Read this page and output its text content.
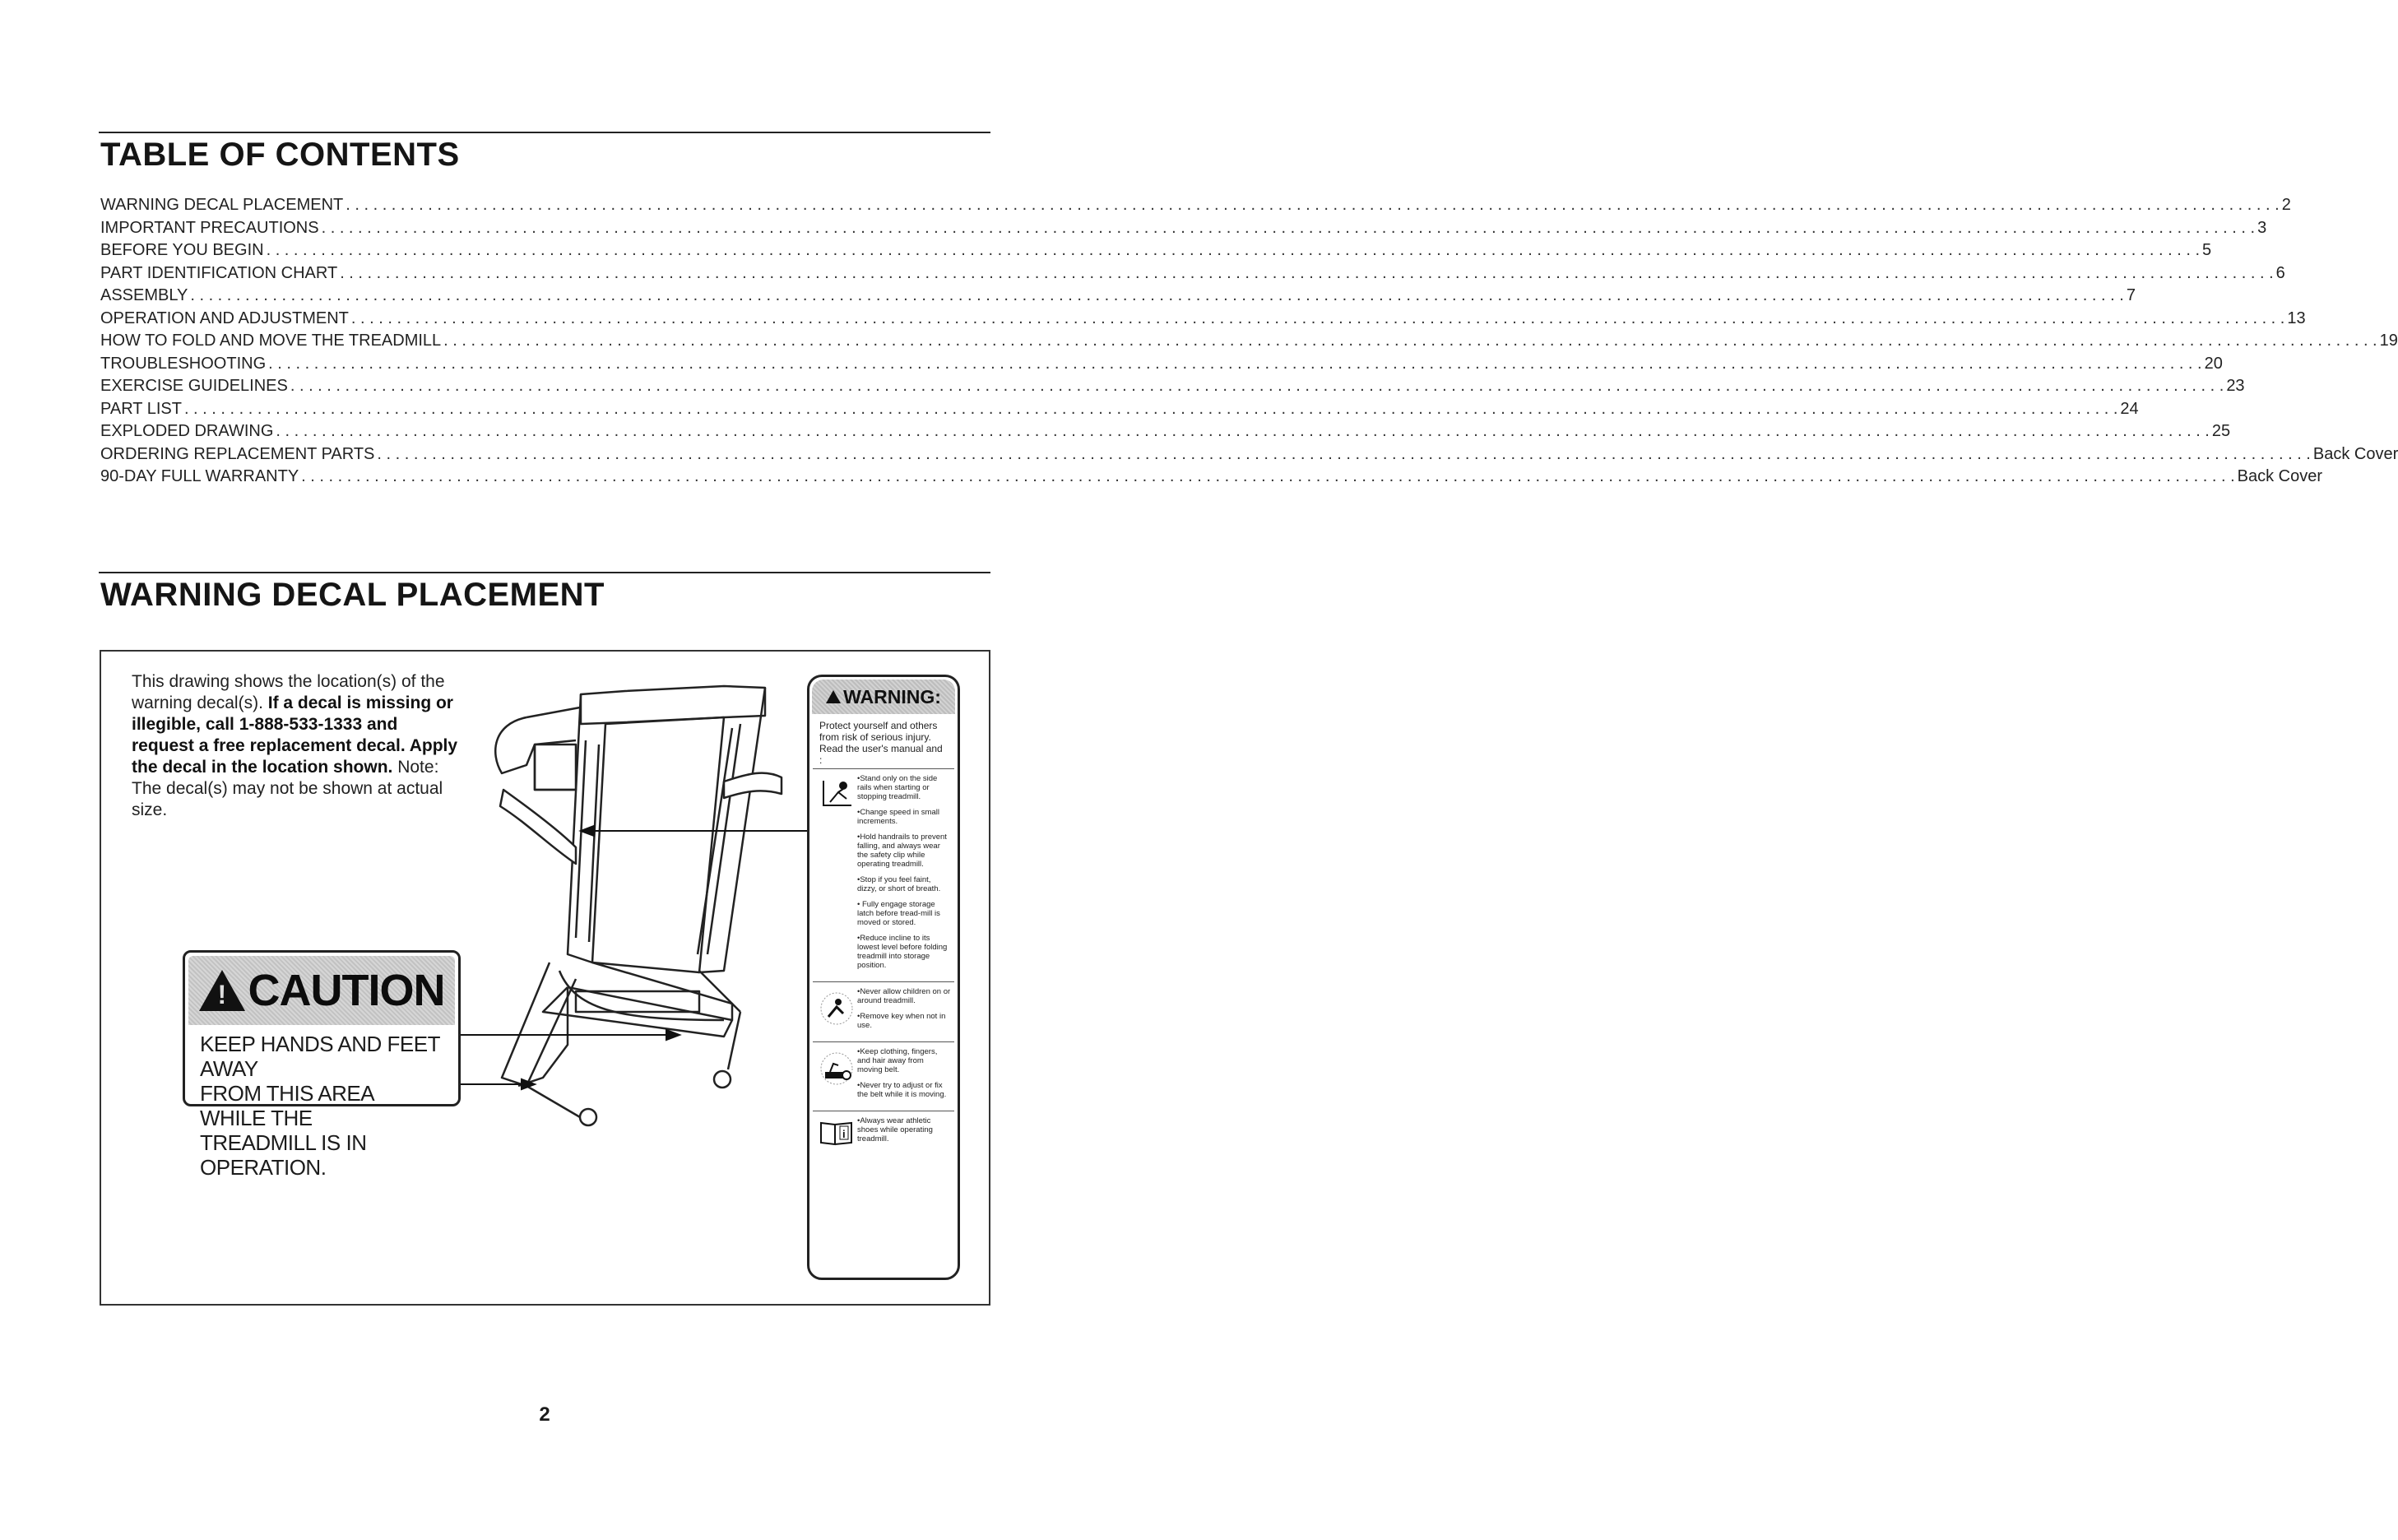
TABLE OF CONTENTS
WARNING DECAL PLACEMENT . . .	2
IMPORTANT PRECAUTIONS . . .	3
BEFORE YOU BEGIN . . .	5
PART IDENTIFICATION CHART . . .	6
ASSEMBLY . . .	7
OPERATION AND ADJUSTMENT . . .	13
HOW TO FOLD AND MOVE THE TREADMILL . . .	19
TROUBLESHOOTING . . .	20
EXERCISE GUIDELINES . . .	23
PART LIST . . .	24
EXPLODED DRAWING . . .	25
ORDERING REPLACEMENT PARTS . . .	Back Cover
90-DAY FULL WARRANTY . . .	Back Cover
WARNING DECAL PLACEMENT

This drawing shows the location(s) of the warning decal(s). If a decal is missing or illegible, call 1-888-533-1333 and request a free replacement decal. Apply the decal in the location shown. Note: The decal(s) may not be shown at actual size.

!
CAUTION
KEEP HANDS AND FEET AWAY
FROM THIS AREA WHILE THE
TREADMILL IS IN OPERATION.
WARNING:
Protect yourself and others from risk of serious injury. Read the user's manual and :
•Stand only on the side rails when starting or stopping treadmill.
•Change speed in small increments.
•Hold handrails to prevent falling, and always wear the safety clip while operating treadmill.
•Stop if you feel faint, dizzy, or short of breath.
• Fully engage storage latch before tread-mill is moved or stored.
•Reduce incline to its lowest level before folding treadmill into storage position.
•Never allow children on or around treadmill.
•Remove key when not in use.
•Keep clothing, fingers, and hair away from moving belt.
•Never try to adjust or fix the belt while it is moving.
i
•Always wear athletic shoes while operating treadmill.

2
